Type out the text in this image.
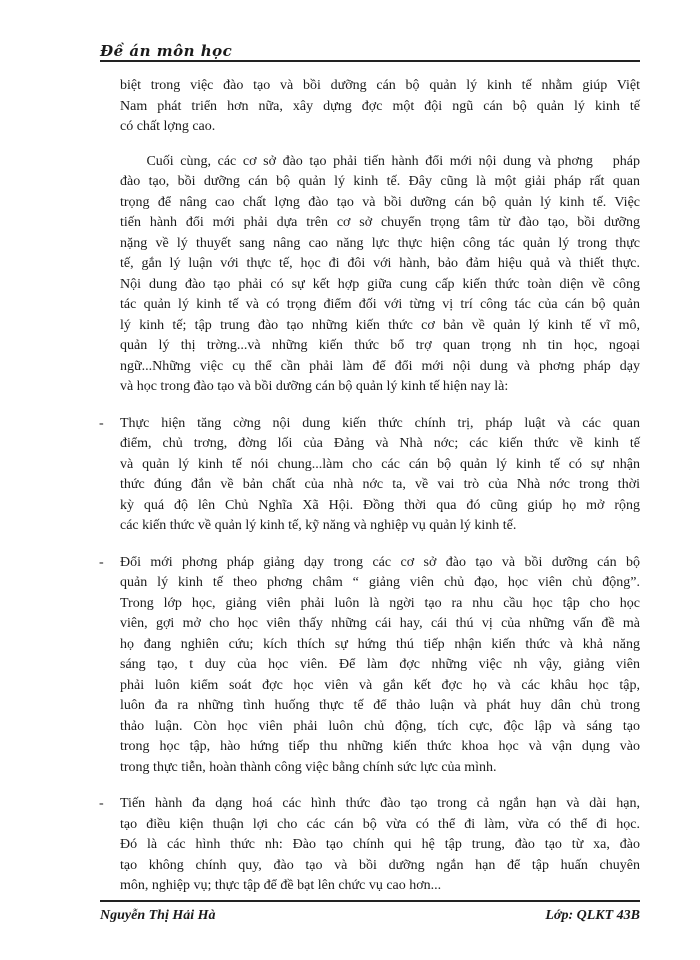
Đề án môn học
biệt trong việc đào tạo và bồi dưỡng cán bộ quản lý kinh tế nhằm giúp Việt
Nam phát triển hơn nữa, xây dựng đợc một đội ngũ cán bộ quản lý kinh tế
có chất lợng cao.
Cuối cùng, các cơ sở đào tạo phải tiến hành đổi mới nội dung và phơng   pháp
đào tạo, bồi dưỡng cán bộ quản lý kinh tế. Đây cũng là một giải pháp rất quan
trọng để nâng cao chất lợng đào tạo và bồi dưỡng cán bộ quản lý kinh tế. Việc
tiến hành đổi mới phải dựa trên cơ sở chuyển trọng tâm từ đào tạo, bồi dưỡng
nặng về lý thuyết sang nâng cao năng lực thực hiện công tác quản lý trong thực
tế, gắn lý luận với thực tế, học đi đôi với hành, bảo đảm hiệu quả và thiết thực.
Nội dung đào tạo phải có sự kết hợp giữa cung cấp kiến thức toàn diện về công
tác quản lý kinh tế và có trọng điểm đối với từng vị trí công tác của cán bộ quản
lý kinh tế; tập trung đào tạo những kiến thức cơ bản về quản lý kinh tế vĩ mô,
quản lý thị trờng...và những kiến thức bổ trợ quan trọng nh tin học, ngoại
ngữ...Những việc cụ thể cần phải làm để đổi mới nội dung và phơng pháp dạy
và học trong đào tạo và bồi dưỡng cán bộ quản lý kinh tế hiện nay là:
-	Thực hiện tăng cờng nội dung kiến thức chính trị, pháp luật và các quan
điểm, chủ trơng, đờng lối của Đảng và Nhà nớc; các kiến thức về kinh tế
và quản lý kinh tế nói chung...làm cho các cán bộ quản lý kinh tế có sự nhận
thức đúng đắn về bản chất của nhà nớc ta, về vai trò của Nhà nớc trong thời
kỳ quá độ lên Chủ Nghĩa Xã Hội. Đồng thời qua đó cũng giúp họ mở rộng
các kiến thức về quản lý kinh tế, kỹ năng và nghiệp vụ quản lý kinh tế.
-	Đổi mới phơng pháp giảng dạy trong các cơ sở đào tạo và bồi dưỡng cán bộ
quản lý kinh tế theo phơng châm “ giảng viên chủ đạo, học viên chủ động”.
Trong lớp học, giảng viên phải luôn là ngời tạo ra nhu cầu học tập cho học
viên, gợi mở cho học viên thấy những cái hay, cái thú vị của những vấn đề mà
họ đang nghiên cứu; kích thích sự hứng thú tiếp nhận kiến thức và khả năng
sáng tạo, t duy của học viên. Để làm đợc những việc nh vậy, giảng viên
phải luôn kiểm soát đợc học viên và gắn kết đợc họ và các khâu học tập,
luôn đa ra những tình huống thực tế để thảo luận và phát huy dân chủ trong
thảo luận. Còn học viên phải luôn chủ động, tích cực, độc lập và sáng tạo
trong học tập, hào hứng tiếp thu những kiến thức khoa học và vận dụng vào
trong thực tiễn, hoàn thành công việc bằng chính sức lực của mình.
-	Tiến hành đa dạng hoá các hình thức đào tạo trong cả ngắn hạn và dài hạn,
tạo điều kiện thuận lợi cho các cán bộ vừa có thể đi làm, vừa có thể đi học.
Đó là các hình thức nh: Đào tạo chính qui hệ tập trung, đào tạo từ xa, đào
tạo không chính quy, đào tạo và bồi dưỡng ngắn hạn để tập huấn chuyên
môn, nghiệp vụ; thực tập để đề bạt lên chức vụ cao hơn...
Nguyễn Thị Hải Hà	Lớp: QLKT 43B
